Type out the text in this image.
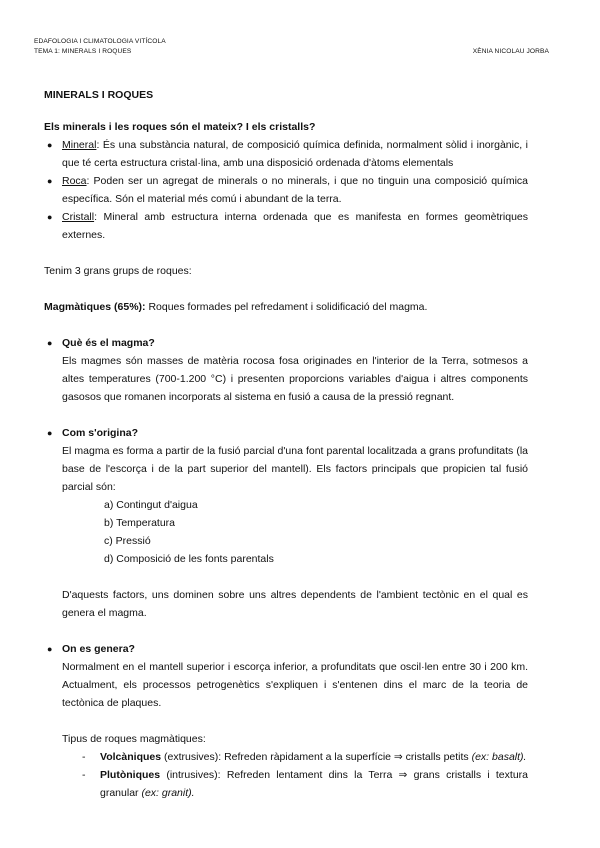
EDAFOLOGIA I CLIMATOLOGIA VITÍCOLA
TEMA 1: MINERALS I ROQUES	XÈNIA NICOLAU JORBA
MINERALS I ROQUES
Els minerals i les roques són el mateix? I els cristalls?
● Mineral: És una substància natural, de composició química definida, normalment sòlid i inorgànic, i que té certa estructura cristal·lina, amb una disposició ordenada d'àtoms elementals
● Roca: Poden ser un agregat de minerals o no minerals, i que no tinguin una composició química específica. Són el material més comú i abundant de la terra.
● Cristall: Mineral amb estructura interna ordenada que es manifesta en formes geomètriques externes.

Tenim 3 grans grups de roques:

Magmàtiques (65%): Roques formades pel refredament i solidificació del magma.

● Què és el magma?

Els magmes són masses de matèria rocosa fosa originades en l'interior de la Terra, sotmesos a altes temperatures (700-1.200 °C) i presenten proporcions variables d'aigua i altres components gasosos que romanen incorporats al sistema en fusió a causa de la pressió regnant.

● Com s'origina?

El magma es forma a partir de la fusió parcial d'una font parental localitzada a grans profunditats (la base de l'escorça i de la part superior del mantell). Els factors principals que propicien tal fusió parcial són:

a) Contingut d'aigua
b) Temperatura
c) Pressió
d) Composició de les fonts parentals

D'aquests factors, uns dominen sobre uns altres dependents de l'ambient tectònic en el qual es genera el magma.

● On es genera?

Normalment en el mantell superior i escorça inferior, a profunditats que oscil·len entre 30 i 200 km. Actualment, els processos petrogenètics s'expliquen i s'entenen dins el marc de la teoria de tectònica de plaques.

Tipus de roques magmàtiques:

- Volcàniques (extrusives): Refreden ràpidament a la superfície ⇒ cristalls petits (ex: basalt).
- Plutòniques (intrusives): Refreden lentament dins la Terra ⇒ grans cristalls i textura granular (ex: granit).
